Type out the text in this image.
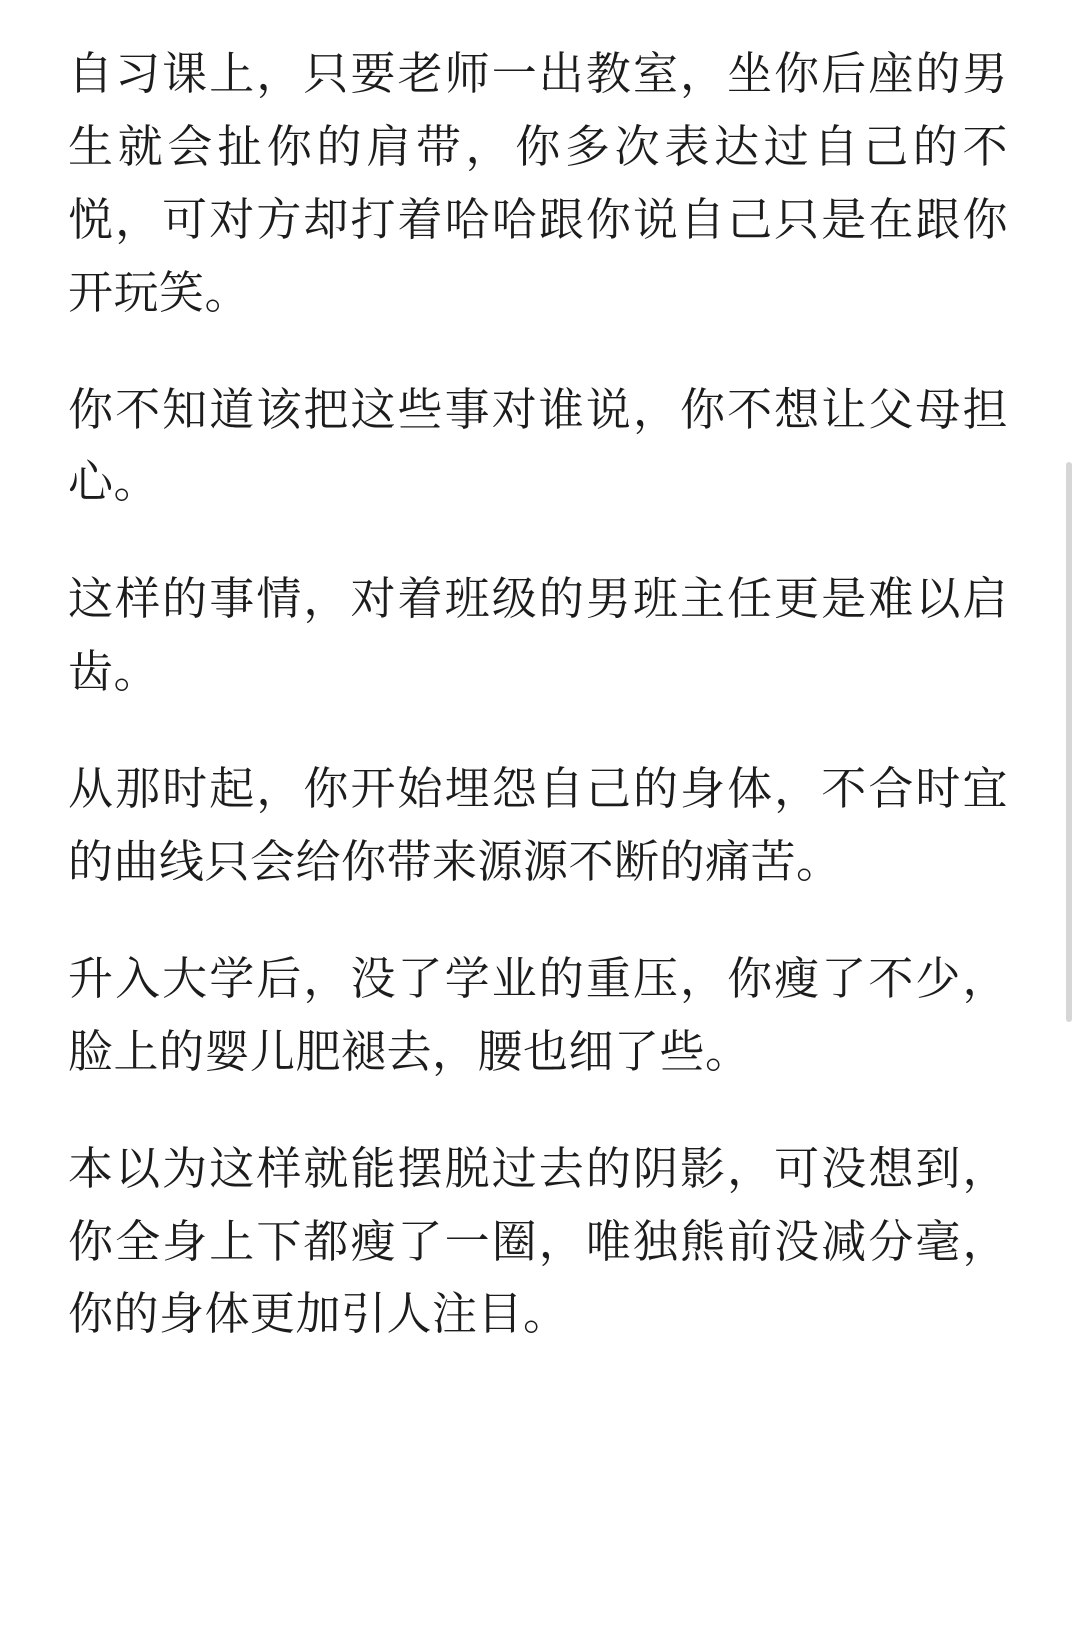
自习课上，只要老师一出教室，坐你后座的男生就会扯你的肩带，你多次表达过自己的不悦，可对方却打着哈哈跟你说自己只是在跟你开玩笑。

你不知道该把这些事对谁说，你不想让父母担心。

这样的事情，对着班级的男班主任更是难以启齿。

从那时起，你开始埋怨自己的身体，不合时宜的曲线只会给你带来源源不断的痛苦。

升入大学后，没了学业的重压，你瘦了不少，脸上的婴儿肥褪去，腰也细了些。

本以为这样就能摆脱过去的阴影，可没想到，你全身上下都瘦了一圈，唯独熊前没减分毫，你的身体更加引人注目。
